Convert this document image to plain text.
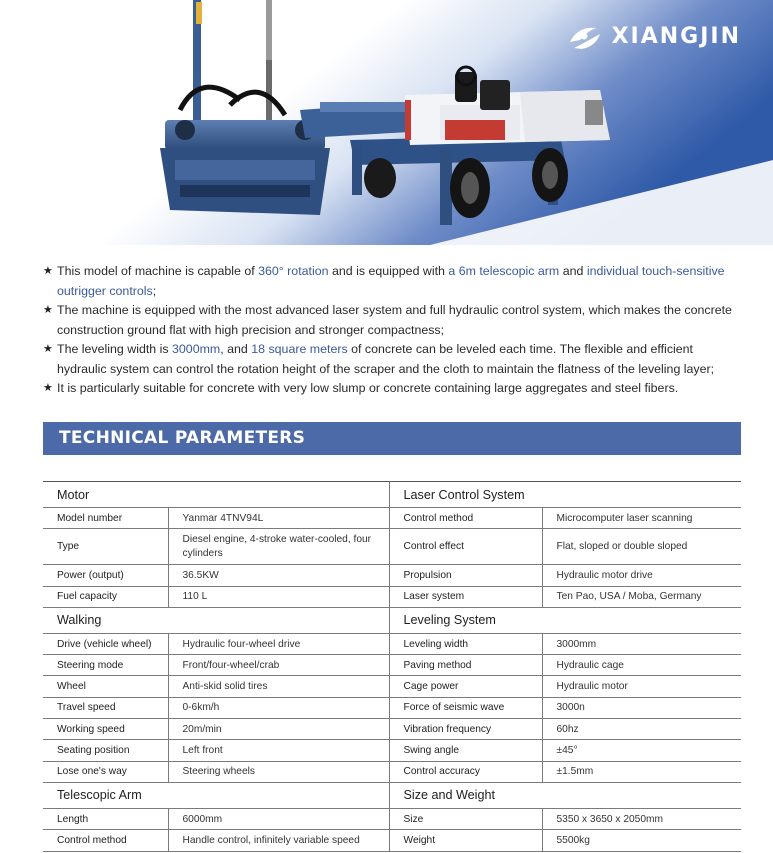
XIANGJIN
★ This model of machine is capable of 360° rotation and is equipped with a 6m telescopic arm and individual touch-sensitive outrigger controls;
★ The machine is equipped with the most advanced laser system and full hydraulic control system, which makes the concrete construction ground flat with high precision and stronger compactness;
★ The leveling width is 3000mm, and 18 square meters of concrete can be leveled each time. The flexible and efficient hydraulic system can control the rotation height of the scraper and the cloth to maintain the flatness of the leveling layer;
★ It is particularly suitable for concrete with very low slump or concrete containing large aggregates and steel fibers.
TECHNICAL PARAMETERS
Motor		Laser Control System	
Model number	Yanmar 4TNV94L	Control method	Microcomputer laser scanning
Type	Diesel engine, 4-stroke water-cooled, four cylinders	Control effect	Flat, sloped or double sloped
Power (output)	36.5KW	Propulsion	Hydraulic motor drive
Fuel capacity	110 L	Laser system	Ten Pao, USA / Moba, Germany
Walking		Leveling System	
Drive (vehicle wheel)	Hydraulic four-wheel drive	Leveling width	3000mm
Steering mode	Front/four-wheel/crab	Paving method	Hydraulic cage
Wheel	Anti-skid solid tires	Cage power	Hydraulic motor
Travel speed	0-6km/h	Force of seismic wave	3000n
Working speed	20m/min	Vibration frequency	60hz
Seating position	Left front	Swing angle	±45°
Lose one's way	Steering wheels	Control accuracy	±1.5mm
Telescopic Arm		Size and Weight	
Length	6000mm	Size	5350 x 3650 x 2050mm
Control method	Handle control, infinitely variable speed	Weight	5500kg
